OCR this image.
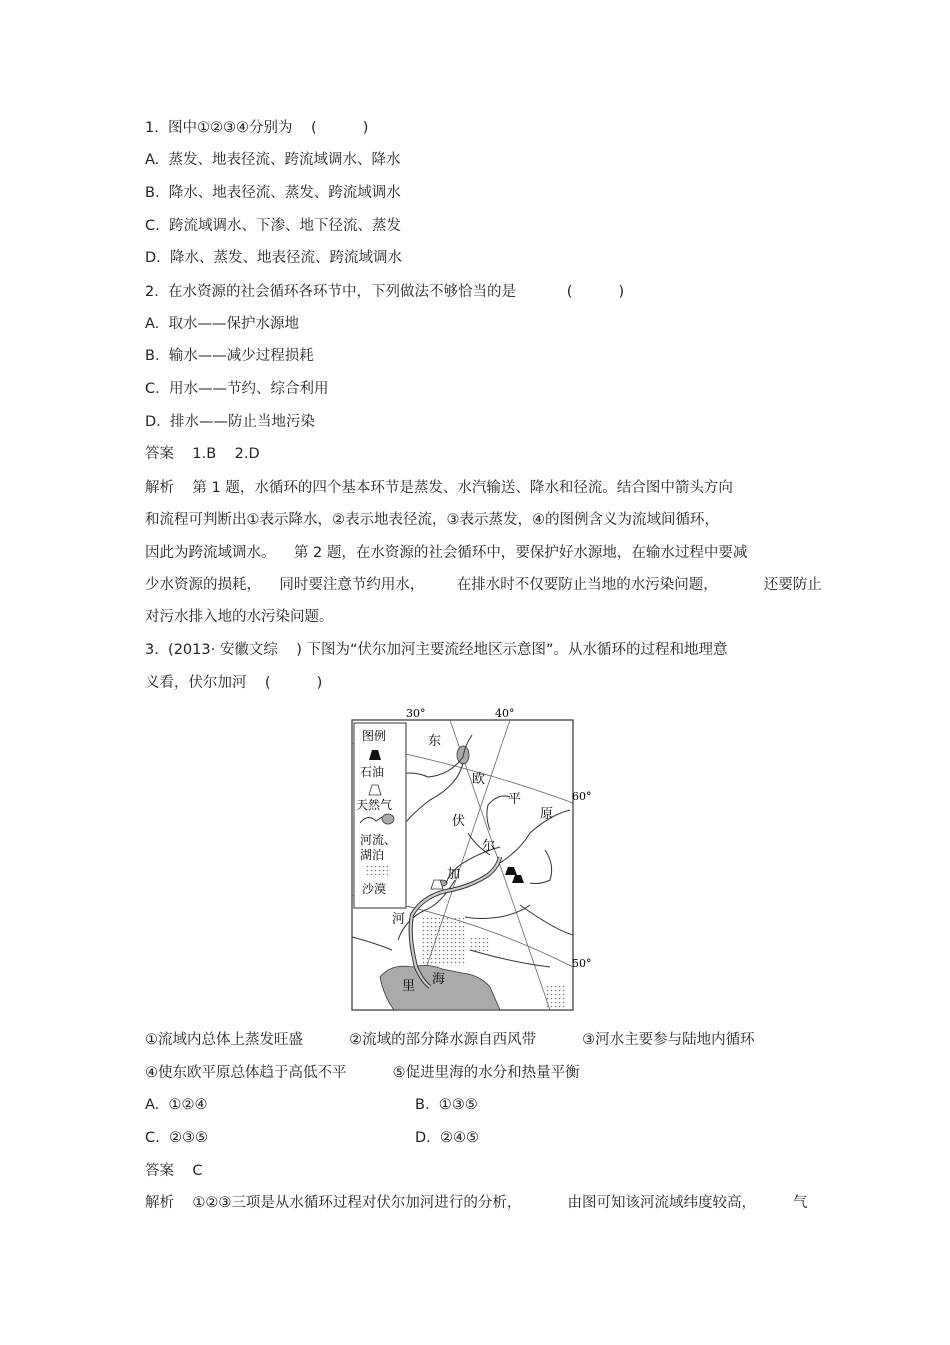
1.  图中①②③④分别为    (          )
A.  蒸发、地表径流、跨流域调水、降水
B.  降水、地表径流、蒸发、跨流域调水
C.  跨流域调水、下渗、地下径流、蒸发
D.  降水、蒸发、地表径流、跨流域调水
2.  在水资源的社会循环各环节中，下列做法不够恰当的是           (          )
A.  取水——保护水源地
B.  输水——减少过程损耗
C.  用水——节约、综合利用
D.  排水——防止当地污染
答案    1.B    2.D
解析    第 1 题，水循环的四个基本环节是蒸发、水汽输送、降水和径流。结合图中箭头方向
和流程可判断出①表示降水，②表示地表径流，③表示蒸发，④的图例含义为流域间循环，
因此为跨流域调水。    第 2 题，在水资源的社会循环中，要保护好水源地，在输水过程中要减
少水资源的损耗，    同时要注意节约用水，       在排水时不仅要防止当地的水污染问题，          还要防止
对污水排入地的水污染问题。
3.  (2013· 安徽文综    ) 下图为“伏尔加河主要流经地区示意图”。从水循环的过程和地理意
义看，伏尔加河    (          )
图例
石油
天然气
河流、
湖泊
沙漠
30°	40°
60°
50°
东
欧
平
原
伏
尔
加
河
里 海
①流域内总体上蒸发旺盛          ②流域的部分降水源自西风带          ③河水主要参与陆地内循环
④使东欧平原总体趋于高低不平          ⑤促进里海的水分和热量平衡
A.  ①②④	B.  ①③⑤
C.  ②③⑤	D.  ②④⑤
答案    C
解析    ①②③三项是从水循环过程对伏尔加河进行的分析，          由图可知该河流域纬度较高，        气
